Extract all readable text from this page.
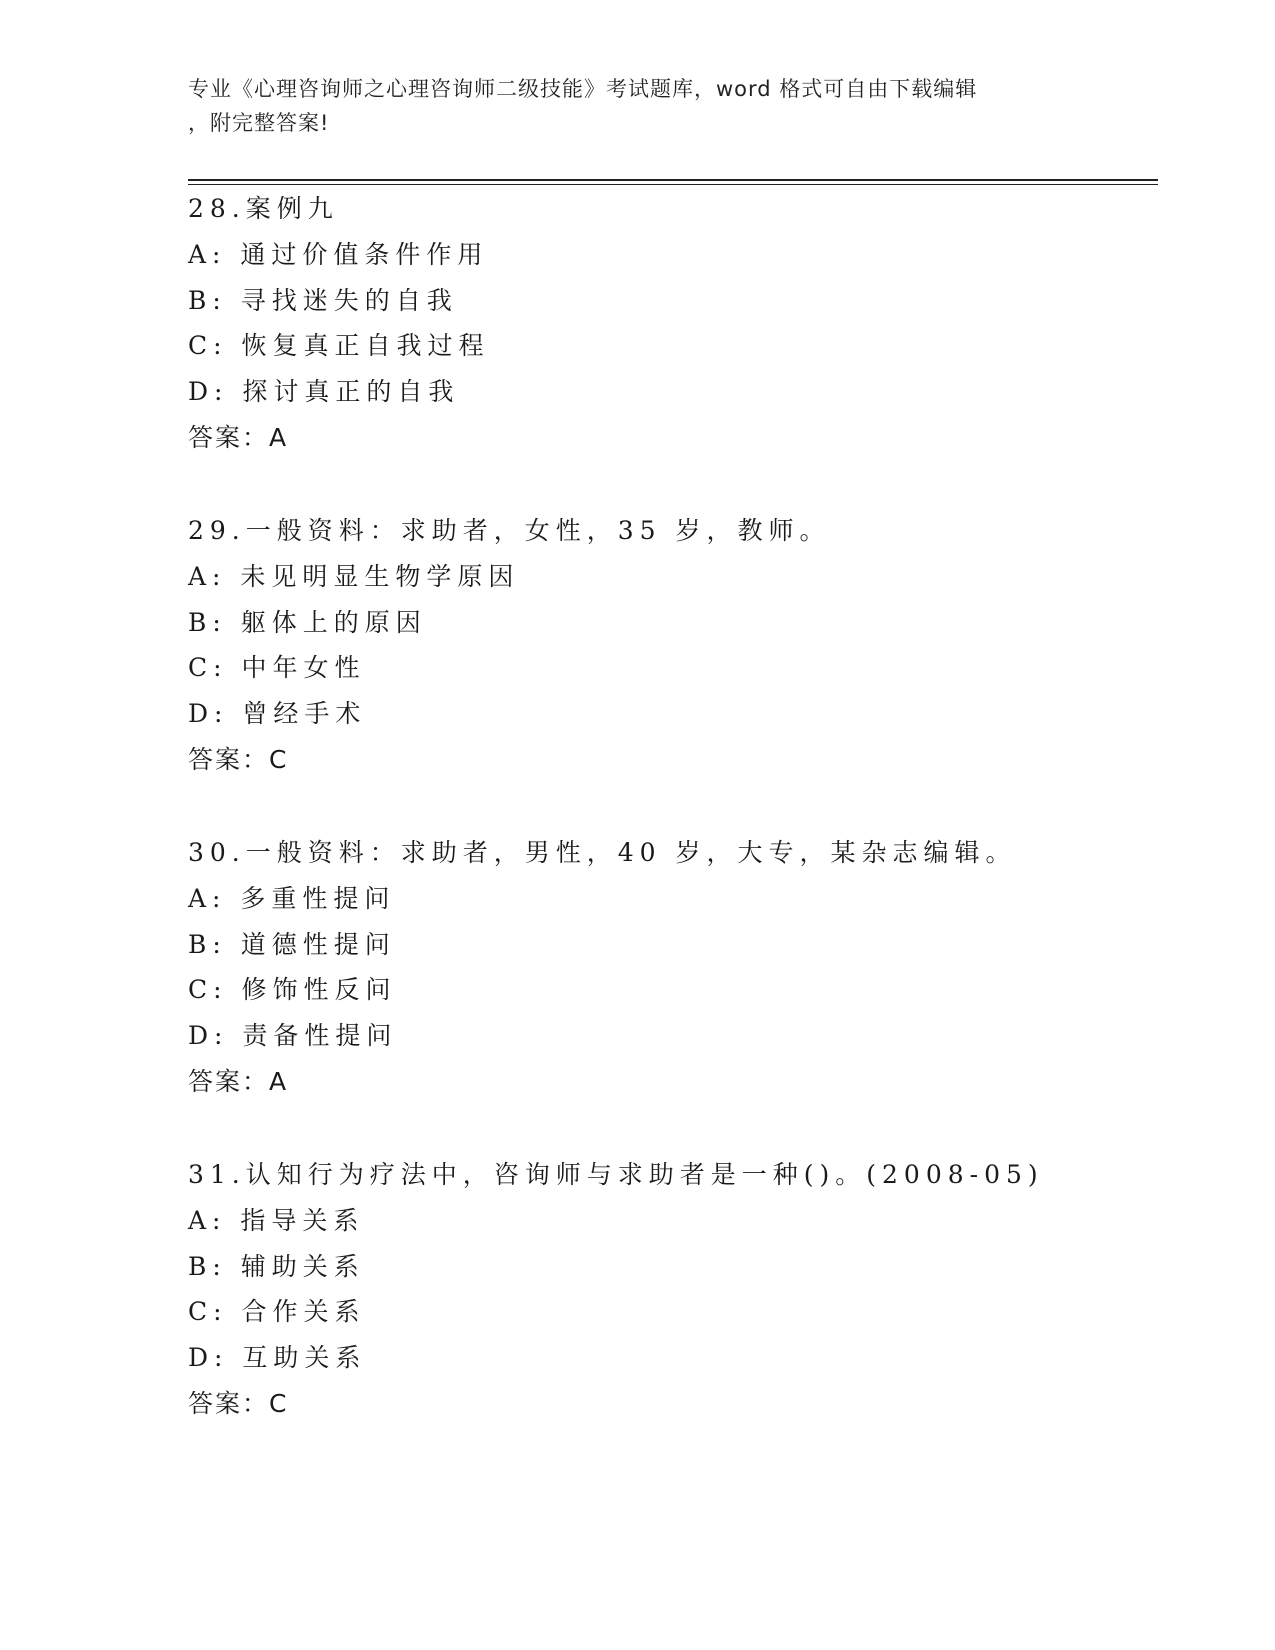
专业《心理咨询师之心理咨询师二级技能》考试题库，word 格式可自由下载编辑
，附完整答案!
28.案例九
A: 通过价值条件作用
B: 寻找迷失的自我
C: 恢复真正自我过程
D: 探讨真正的自我
答案：A
29.一般资料：求助者，女性，35 岁，教师。
A: 未见明显生物学原因
B: 躯体上的原因
C: 中年女性
D: 曾经手术
答案：C
30.一般资料：求助者，男性，40 岁，大专，某杂志编辑。
A: 多重性提问
B: 道德性提问
C: 修饰性反问
D: 责备性提问
答案：A
31.认知行为疗法中，咨询师与求助者是一种()。(2008-05)
A: 指导关系
B: 辅助关系
C: 合作关系
D: 互助关系
答案：C
